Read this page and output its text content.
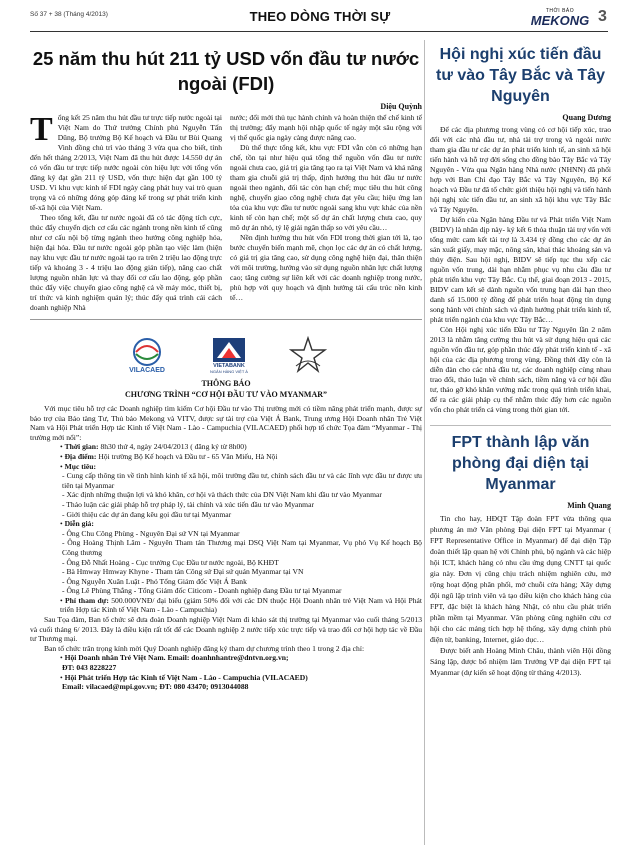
Số 37 + 38 (Tháng 4/2013)	THEO DÒNG THỜI SỰ	THỜI BÁO
MEKONG 3
25 năm thu hút 211 tỷ USD vốn đầu tư nước ngoài (FDI)
Diệu Quỳnh

Tổng kết 25 năm thu hút đầu tư trực tiếp nước ngoài tại Việt Nam do Thứ trưởng Chính phủ Nguyễn Tấn Dũng, Bộ trưởng Bộ Kế hoạch và Đầu tư Bùi Quang Vinh đồng chủ trì vào tháng 3 vừa qua cho biết, tính đến hết tháng 2/2013, Việt Nam đã thu hút được 14.550 dự án có vốn đầu tư trực tiếp nước ngoài còn hiệu lực với tổng vốn đăng ký đạt gần 211 tỷ USD, vốn thực hiện đạt gần 100 tỷ USD. Vì khu vực kinh tế FDI ngày càng phát huy vai trò quan trọng và có những đóng góp đáng kể trong sự phát triển kinh tế-xã hội của Việt Nam.

Theo tổng kết, đầu tư nước ngoài đã có tác động tích cực, thúc đẩy chuyển dịch cơ cấu các ngành trong nền kinh tế cũng như cơ cấu nội bộ từng ngành theo hướng công nghiệp hóa, hiện đại hóa. Đầu tư nước ngoài góp phần tạo việc làm (hiện nay khu vực đầu tư nước ngoài tạo ra trên 2 triệu lao động trực tiếp và khoảng 3 - 4 triệu lao động gián tiếp), nâng cao chất lượng nguồn nhân lực và thay đổi cơ cấu lao động, góp phần thúc đẩy việc chuyển giao công nghệ cả về máy móc, thiết bị, trí thức và kinh nghiệm quản lý; thúc đẩy quá trình cải cách doanh nghiệp Nhà

nước; đổi mới thủ tục hành chính và hoàn thiện thể chế kinh tế thị trường; đẩy mạnh hội nhập quốc tế ngày một sâu rộng với vị thế quốc gia ngày càng được nâng cao.

Dù thế thực tổng kết, khu vực FDI vẫn còn có những hạn chế, tồn tại như hiệu quả tổng thể nguồn vốn đầu tư nước ngoài chưa cao, giá trị gia tăng tạo ra tại Việt Nam và khả năng tham gia chuỗi giá trị thấp, định hướng thu hút đầu tư nước ngoài theo ngành, đối tác còn hạn chế; mục tiêu thu hút công nghệ, chuyển giao công nghệ chưa đạt yêu cầu; hiệu ứng lan tỏa của khu vực đầu tư nước ngoài sang khu vực khác của nền kinh tế còn hạn chế; một số dự án chất lượng chưa cao, quy mô dự án nhỏ, tỷ lệ giải ngân thấp so với yêu cầu…

Nền định hướng thu hút vốn FDI trong thời gian tới là, tạo bước chuyển biến mạnh mẽ, chọn lọc các dự án có chất lượng, có giá trị gia tăng cao, sử dụng công nghệ hiện đại, thân thiện với môi trường, hướng vào sử dụng nguồn nhân lực chất lượng cao; tăng cường sự liên kết với các doanh nghiệp trong nước, phù hợp với quy hoạch và định hướng tái cấu trúc nền kinh tế…

VILACAED
VIETABANK
NGÂN HÀNG VIỆT Á
THÔNG BÁO
CHƯƠNG TRÌNH “CƠ HỘI ĐẦU TƯ VÀO MYANMAR”

Với mục tiêu hỗ trợ các Doanh nghiệp tìm kiếm Cơ hội Đầu tư vào Thị trường mới có tiềm năng phát triển mạnh, được sự bảo trợ của Bảo tàng Tư, Thủ bảo Mekong và VITV, được sự tài trợ của Việt Á Bank, Trung ương Hội Doanh nhân Trẻ Việt Nam và Hội Phát triển Hợp tác Kinh tế Việt Nam - Lào - Campuchia (VILACAED) phối hợp tổ chức Tọa đàm “Myanmar - Thị trường mới nổi”:

• Thời gian: 8h30 thứ 4, ngày 24/04/2013 ( đăng ký từ 8h00)

• Địa điểm: Hội trường Bộ Kế hoạch và Đầu tư - 65 Văn Miếu, Hà Nội

• Mục tiêu:

- Cung cấp thông tin về tình hình kinh tế xã hội, môi trường đầu tư, chính sách đầu tư và các lĩnh vực đầu tư được ưu tiên tại Myanmar

- Xác định những thuận lợi và khó khăn, cơ hội và thách thức của DN Việt Nam khi đầu tư vào Myanmar

- Thảo luận các giải pháp hỗ trợ pháp lý, tài chính và xúc tiến đầu tư vào Myanmar

- Giới thiệu các dự án đang kêu gọi đầu tư tại Myanmar

• Diễn giả:

- Ông Chu Công Phùng - Nguyên Đại sứ VN tại Myanmar

- Ông Hoàng Thịnh Lâm - Nguyên Tham tán Thương mại DSQ Việt Nam tại Myanmar, Vụ phó Vụ Kế hoạch Bộ Công thương

- Ông Đỗ Nhất Hoàng - Cục trưởng Cục Đầu tư nước ngoài, Bộ KHĐT

- Bà Hmway Hmway Khyne - Tham tán Công sứ Đại sứ quán Myanmar tại VN

- Ông Nguyễn Xuân Luật - Phó Tổng Giám đốc Việt Á Bank

- Ông Lê Phùng Thắng - Tổng Giám đốc Citicom - Doanh nghiệp đang Đầu tư tại Myanmar

• Phí tham dự: 500.000VNĐ/ đại biểu (giảm 50% đối với các DN thuộc Hội Doanh nhân trẻ Việt Nam và Hội Phát triển Hợp tác Kinh tế Việt Nam - Lào - Campuchia)

Sau Tọa đàm, Ban tổ chức sẽ đưa đoàn Doanh nghiệp Việt Nam đi khảo sát thị trường tại Myanmar vào cuối tháng 5/2013 và cuối tháng 6/ 2013. Đây là điều kiện rất tốt để các Doanh nghiệp 2 nước tiếp xúc trực tiếp và trao đổi cơ hội hợp tác về Đầu tư Thương mại.

Ban tổ chức trân trọng kính mời Quý Doanh nghiệp đăng ký tham dự chương trình theo 1 trong 2 địa chỉ:

• Hội Doanh nhân Trẻ Việt Nam. Email: doanhnhantre@dntvn.org.vn;

ĐT: 043 8228227

• Hội Phát triển Hợp tác Kinh tế Việt Nam - Lào - Campuchia (VILACAED)

Email: vilacaed@mpi.gov.vn; ĐT: 080 43470; 0913044088

Hội nghị xúc tiến đầu tư vào Tây Bắc và Tây Nguyên
Quang Dương

Để các địa phương trong vùng có cơ hội tiếp xúc, trao đổi với các nhà đầu tư, nhà tài trợ trong và ngoài nước tham gia đầu tư các dự án phát triển kinh tế, an sinh xã hội tiến hành và hỗ trợ đời sống cho đồng bào Tây Bắc và Tây Nguyên - Vừa qua Ngân hàng Nhà nước (NHNN) đã phối hợp với Ban Chỉ đạo Tây Bắc và Tây Nguyên, Bộ Kế hoạch và Đầu tư đã tổ chức giới thiệu hội nghị và tiến hành hội nghị xúc tiến đầu tư, an sinh xã hội khu vực Tây Bắc và Tây Nguyên.

Dự kiến của Ngân hàng Đầu tư và Phát triển Việt Nam (BIDV) là nhân dịp này- ký kết 6 thỏa thuận tài trợ vốn với tổng mức cam kết tài trợ là 3.434 tỷ đồng cho các dự án sản xuất giấy, may mặc, nông sản, khai thác khoáng sản và thủy điện. Sau hội nghị, BIDV sẽ tiếp tục thu xếp các nguồn vốn trung, dài hạn nhằm phục vụ nhu cầu đầu tư phát triển khu vực Tây Bắc. Cụ thể, giai đoạn 2013 - 2015, BIDV cam kết sẽ dành nguồn vốn trung hạn dài hạn theo danh số 15.000 tỷ đồng để phát triển hoạt động tín dụng song hành với chính sách và định hướng phát triển kinh tế, phát triển ngành của khu vực Tây Bắc…

Còn Hội nghị xúc tiến Đầu tư Tây Nguyên lần 2 năm 2013 là nhằm tăng cường thu hút và sử dụng hiệu quả các nguồn vốn đầu tư, góp phần thúc đẩy phát triển kinh tế - xã hội của các địa phương trong vùng. Đồng thời đây còn là diễn đàn cho các nhà đầu tư, các doanh nghiệp cùng nhau trao đổi, thảo luận về chính sách, tiềm năng và cơ hội đầu tư, thảo gỡ khó khăn vướng mắc trong quá trình triển khai, để ra các giải pháp cụ thể nhằm thúc đẩy hơn các nguồn vốn cho phát triển cả vùng trong thời gian tới.

FPT thành lập văn phòng đại diện tại Myanmar
Minh Quang

Tin cho hay, HĐQT Tập đoàn FPT vừa thông qua phương án mở Văn phòng Đại diện FPT tại Myanmar ( FPT Representative Office in Myanmar) để đại diện Tập đoàn thiết lập quan hệ với Chính phủ, bộ ngành và các hiệp hội ICT, khách hàng có nhu cầu ứng dụng CNTT tại quốc gia này. Đơn vị cũng chịu trách nhiệm nghiên cứu, mở rộng hoạt động phân phối, mở chuỗi cửa hàng; Xây dựng đội ngũ lập trình viên và tạo điều kiện cho khách hàng của FPT, đặc biệt là khách hàng Nhật, có nhu cầu phát triển phần mềm tại Myanmar. Văn phòng cũng nghiên cứu cơ hội cho các mảng tích hợp hệ thống, xây dựng chính phủ điện tử, banking, Internet, giáo dục…

Được biết anh Hoàng Minh Châu, thành viên Hội đồng Sáng lập, được bổ nhiệm làm Trưởng VP đại diện FPT tại Myanmar (dự kiến sẽ hoạt động từ tháng 4/2013).
